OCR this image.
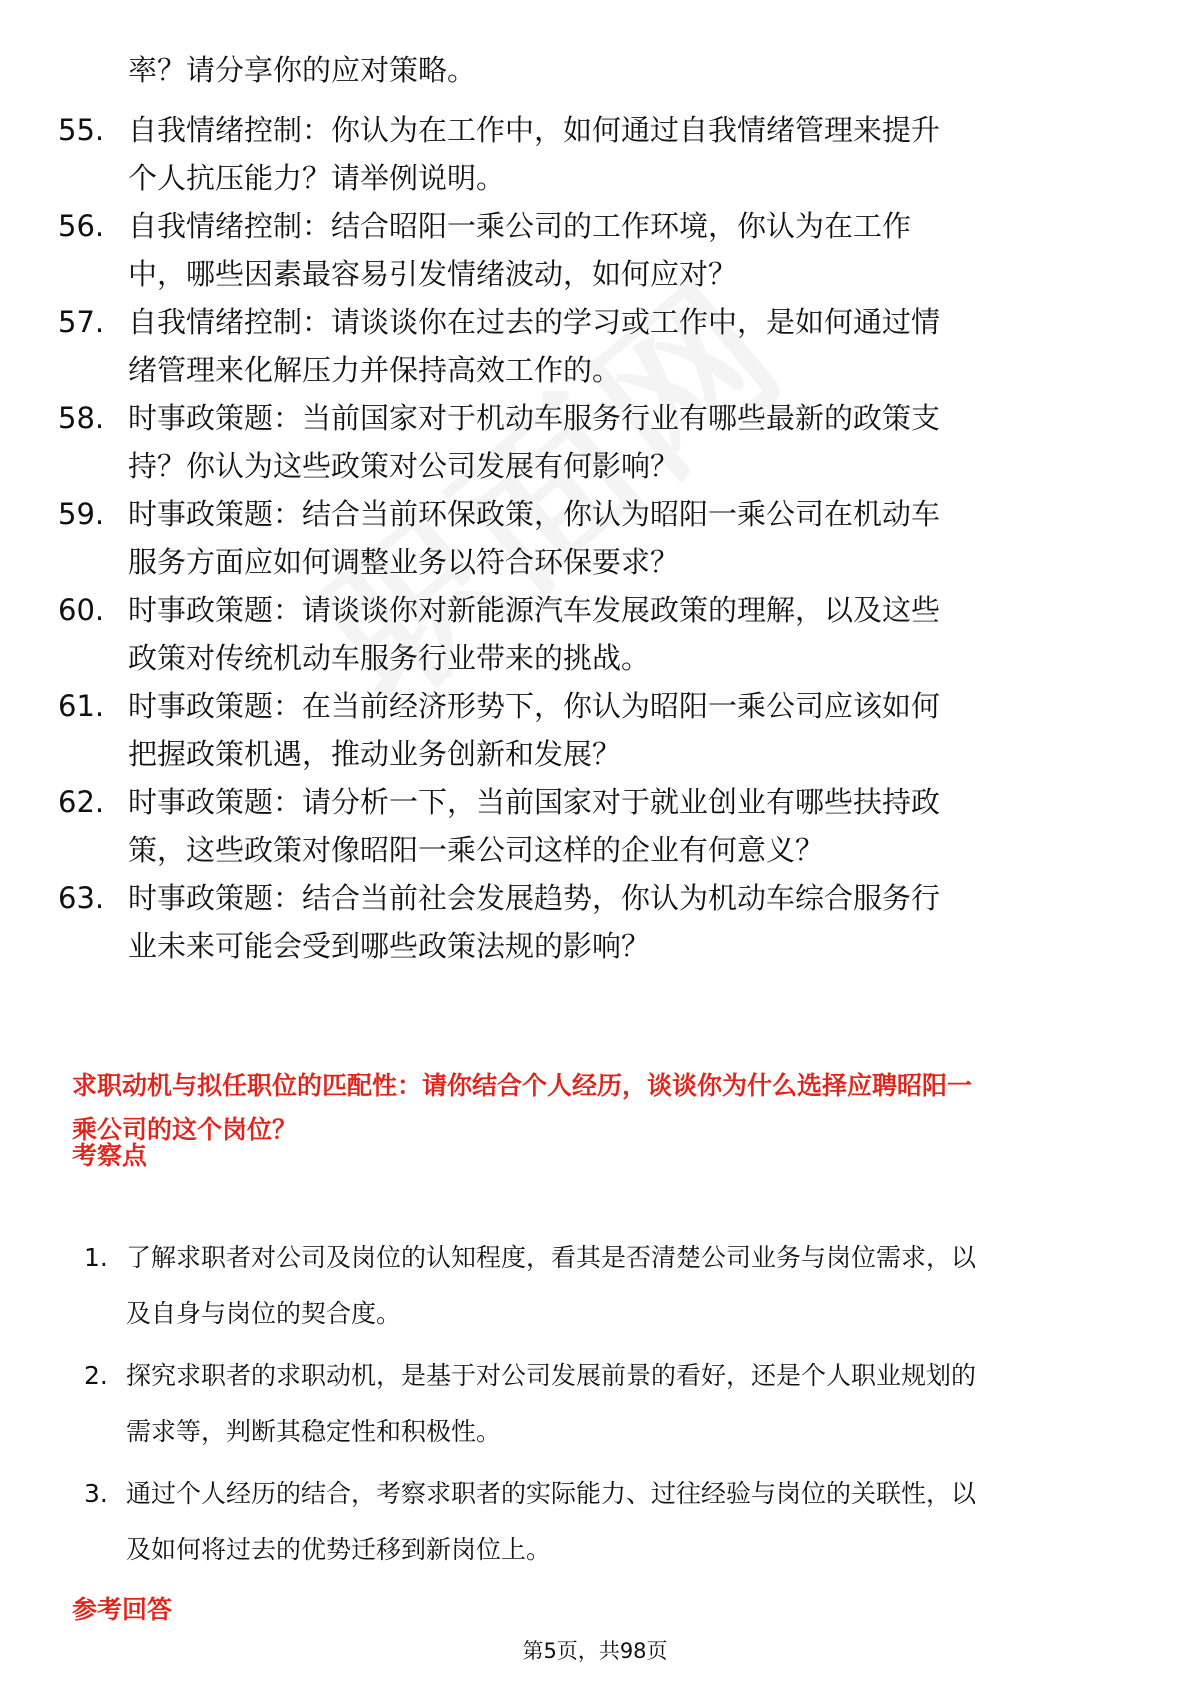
率？请分享你的应对策略。
55. 自我情绪控制：你认为在工作中，如何通过自我情绪管理来提升
个人抗压能力？请举例说明。
56. 自我情绪控制：结合昭阳一乘公司的工作环境，你认为在工作
中，哪些因素最容易引发情绪波动，如何应对？
57. 自我情绪控制：请谈谈你在过去的学习或工作中，是如何通过情
绪管理来化解压力并保持高效工作的。
58. 时事政策题：当前国家对于机动车服务行业有哪些最新的政策支
持？你认为这些政策对公司发展有何影响？
59. 时事政策题：结合当前环保政策，你认为昭阳一乘公司在机动车
服务方面应如何调整业务以符合环保要求？
60. 时事政策题：请谈谈你对新能源汽车发展政策的理解，以及这些
政策对传统机动车服务行业带来的挑战。
61. 时事政策题：在当前经济形势下，你认为昭阳一乘公司应该如何
把握政策机遇，推动业务创新和发展？
62. 时事政策题：请分析一下，当前国家对于就业创业有哪些扶持政
策，这些政策对像昭阳一乘公司这样的企业有何意义？
63. 时事政策题：结合当前社会发展趋势，你认为机动车综合服务行
业未来可能会受到哪些政策法规的影响？
求职动机与拟任职位的匹配性：请你结合个人经历，谈谈你为什么选择应聘昭阳一
乘公司的这个岗位？
考察点
1. 了解求职者对公司及岗位的认知程度，看其是否清楚公司业务与岗位需求，以
及自身与岗位的契合度。
2. 探究求职者的求职动机，是基于对公司发展前景的看好，还是个人职业规划的
需求等，判断其稳定性和积极性。
3. 通过个人经历的结合，考察求职者的实际能力、过往经验与岗位的关联性，以
及如何将过去的优势迁移到新岗位上。
参考回答
第5页，共98页
